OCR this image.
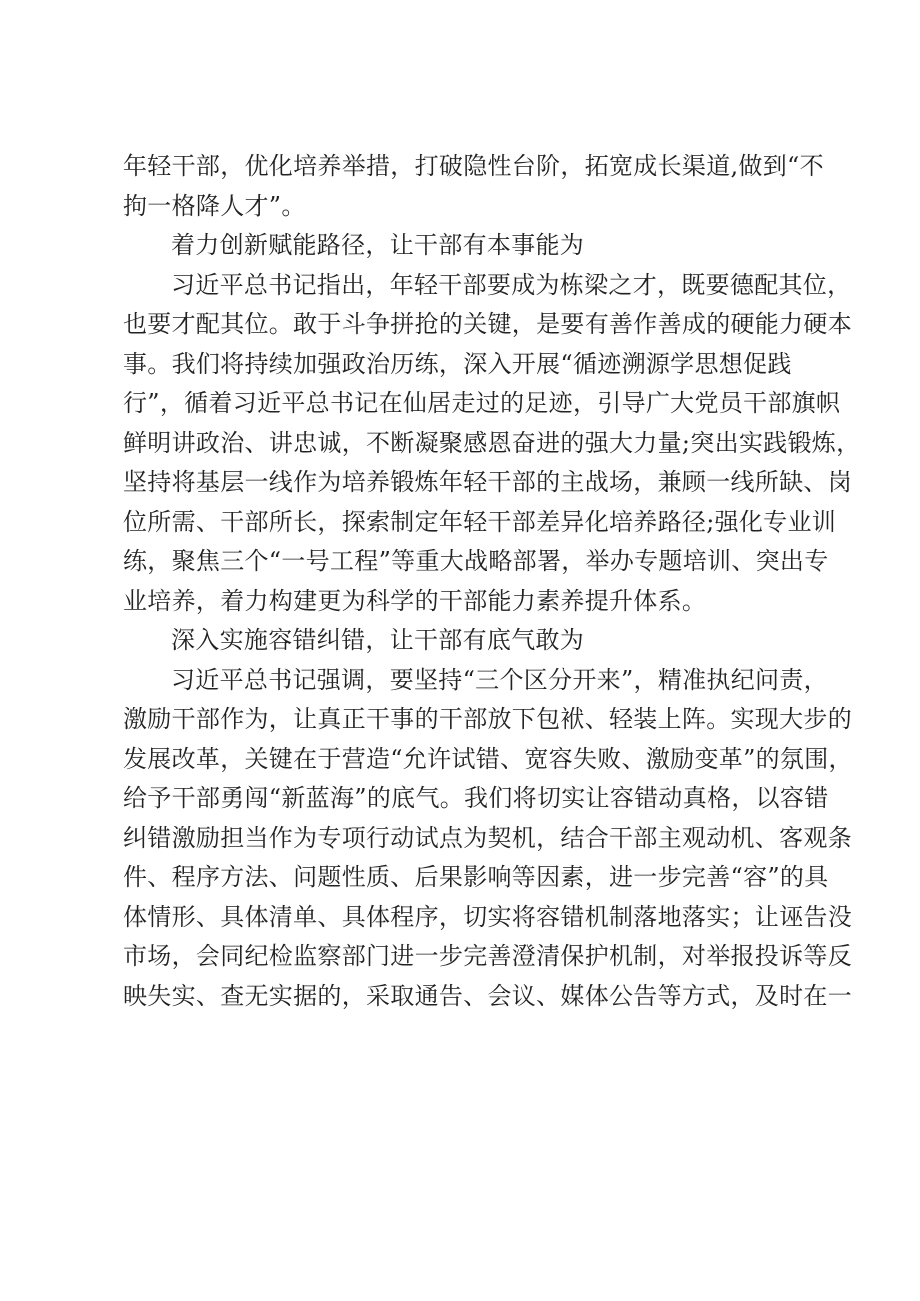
年轻干部，优化培养举措，打破隐性台阶，拓宽成长渠道,做到“不
拘一格降人才”。
着力创新赋能路径，让干部有本事能为
习近平总书记指出，年轻干部要成为栋梁之才，既要德配其位，
也要才配其位。敢于斗争拼抢的关键，是要有善作善成的硬能力硬本
事。我们将持续加强政治历练，深入开展“循迹溯源学思想促践
行”，循着习近平总书记在仙居走过的足迹，引导广大党员干部旗帜
鲜明讲政治、讲忠诚，不断凝聚感恩奋进的强大力量;突出实践锻炼，
坚持将基层一线作为培养锻炼年轻干部的主战场，兼顾一线所缺、岗
位所需、干部所长，探索制定年轻干部差异化培养路径;强化专业训
练，聚焦三个“一号工程”等重大战略部署，举办专题培训、突出专
业培养，着力构建更为科学的干部能力素养提升体系。
深入实施容错纠错，让干部有底气敢为
习近平总书记强调，要坚持“三个区分开来”，精准执纪问责，
激励干部作为，让真正干事的干部放下包袱、轻装上阵。实现大步的
发展改革，关键在于营造“允许试错、宽容失败、激励变革”的氛围，
给予干部勇闯“新蓝海”的底气。我们将切实让容错动真格，以容错
纠错激励担当作为专项行动试点为契机，结合干部主观动机、客观条
件、程序方法、问题性质、后果影响等因素，进一步完善“容”的具
体情形、具体清单、具体程序，切实将容错机制落地落实；让诬告没
市场，会同纪检监察部门进一步完善澄清保护机制，对举报投诉等反
映失实、查无实据的，采取通告、会议、媒体公告等方式，及时在一
